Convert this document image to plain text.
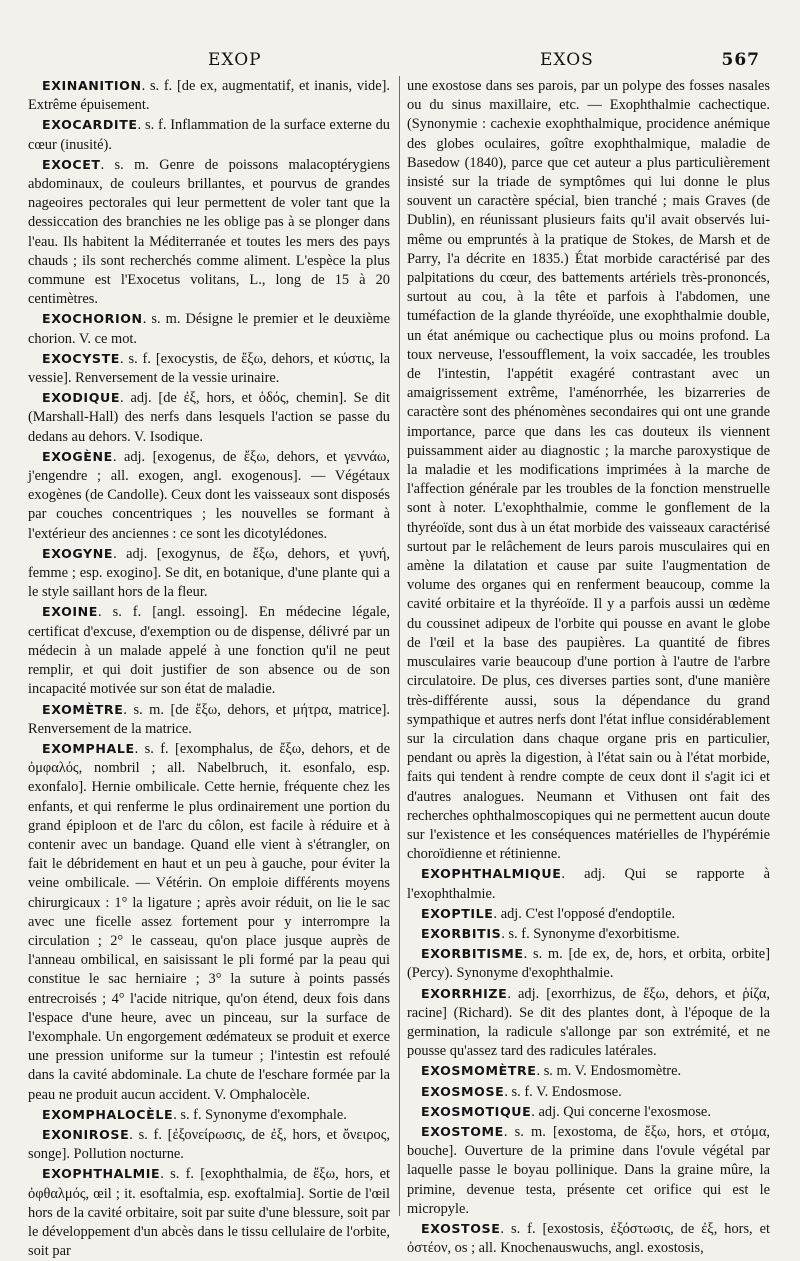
EXOP	EXOS	567

EXINANITION. s. f. [de ex, augmentatif, et inanis, vide]. Extrême épuisement.

EXOCARDITE. s. f. Inflammation de la surface externe du cœur (inusité).

EXOCET. s. m. Genre de poissons malacoptérygiens abdominaux, de couleurs brillantes, et pourvus de grandes nageoires pectorales qui leur permettent de voler tant que la dessiccation des branchies ne les oblige pas à se plonger dans l'eau. Ils habitent la Méditerranée et toutes les mers des pays chauds ; ils sont recherchés comme aliment. L'espèce la plus commune est l'Exocetus volitans, L., long de 15 à 20 centimètres.

EXOCHORION. s. m. Désigne le premier et le deuxième chorion. V. ce mot.

EXOCYSTE. s. f. [exocystis, de ἔξω, dehors, et κύστις, la vessie]. Renversement de la vessie urinaire.

EXODIQUE. adj. [de ἐξ, hors, et ὁδός, chemin]. Se dit (Marshall-Hall) des nerfs dans lesquels l'action se passe du dedans au dehors. V. Isodique.

EXOGÈNE. adj. [exogenus, de ἔξω, dehors, et γεννάω, j'engendre ; all. exogen, angl. exogenous]. — Végétaux exogènes (de Candolle). Ceux dont les vaisseaux sont disposés par couches concentriques ; les nouvelles se formant à l'extérieur des anciennes : ce sont les dicotylédones.

EXOGYNE. adj. [exogynus, de ἔξω, dehors, et γυνή, femme ; esp. exogino]. Se dit, en botanique, d'une plante qui a le style saillant hors de la fleur.

EXOINE. s. f. [angl. essoing]. En médecine légale, certificat d'excuse, d'exemption ou de dispense, délivré par un médecin à un malade appelé à une fonction qu'il ne peut remplir, et qui doit justifier de son absence ou de son incapacité motivée sur son état de maladie.

EXOMÈTRE. s. m. [de ἔξω, dehors, et μήτρα, matrice]. Renversement de la matrice.

EXOMPHALE. s. f. [exomphalus, de ἔξω, dehors, et de ὀμφαλός, nombril ; all. Nabelbruch, it. esonfalo, esp. exonfalo]. Hernie ombilicale. Cette hernie, fréquente chez les enfants, et qui renferme le plus ordinairement une portion du grand épiploon et de l'arc du côlon, est facile à réduire et à contenir avec un bandage. Quand elle vient à s'étrangler, on fait le débridement en haut et un peu à gauche, pour éviter la veine ombilicale. — Vétérin. On emploie différents moyens chirurgicaux : 1° la ligature ; après avoir réduit, on lie le sac avec une ficelle assez fortement pour y interrompre la circulation ; 2° le casseau, qu'on place jusque auprès de l'anneau ombilical, en saisissant le pli formé par la peau qui constitue le sac herniaire ; 3° la suture à points passés entrecroisés ; 4° l'acide nitrique, qu'on étend, deux fois dans l'espace d'une heure, avec un pinceau, sur la surface de l'exomphale. Un engorgement œdémateux se produit et exerce une pression uniforme sur la tumeur ; l'intestin est refoulé dans la cavité abdominale. La chute de l'eschare formée par la peau ne produit aucun accident. V. Omphalocèle.

EXOMPHALOCÈLE. s. f. Synonyme d'exomphale.

EXONIROSE. s. f. [ἐξονείρωσις, de ἐξ, hors, et ὄνειρος, songe]. Pollution nocturne.

EXOPHTHALMIE. s. f. [exophthalmia, de ἔξω, hors, et ὀφθαλμός, œil ; it. esoftalmia, esp. exoftalmia]. Sortie de l'œil hors de la cavité orbitaire, soit par suite d'une blessure, soit par le développement d'un abcès dans le tissu cellulaire de l'orbite, soit par

une exostose dans ses parois, par un polype des fosses nasales ou du sinus maxillaire, etc. — Exophthalmie cachectique. (Synonymie : cachexie exophthalmique, procidence anémique des globes oculaires, goître exophthalmique, maladie de Basedow (1840), parce que cet auteur a plus particulièrement insisté sur la triade de symptômes qui lui donne le plus souvent un caractère spécial, bien tranché ; mais Graves (de Dublin), en réunissant plusieurs faits qu'il avait observés lui-même ou empruntés à la pratique de Stokes, de Marsh et de Parry, l'a décrite en 1835.) État morbide caractérisé par des palpitations du cœur, des battements artériels très-prononcés, surtout au cou, à la tête et parfois à l'abdomen, une tuméfaction de la glande thyréoïde, une exophthalmie double, un état anémique ou cachectique plus ou moins profond. La toux nerveuse, l'essoufflement, la voix saccadée, les troubles de l'intestin, l'appétit exagéré contrastant avec un amaigrissement extrême, l'aménorrhée, les bizarreries de caractère sont des phénomènes secondaires qui ont une grande importance, parce que dans les cas douteux ils viennent puissamment aider au diagnostic ; la marche paroxystique de la maladie et les modifications imprimées à la marche de l'affection générale par les troubles de la fonction menstruelle sont à noter. L'exophthalmie, comme le gonflement de la thyréoïde, sont dus à un état morbide des vaisseaux caractérisé surtout par le relâchement de leurs parois musculaires qui en amène la dilatation et cause par suite l'augmentation de volume des organes qui en renferment beaucoup, comme la cavité orbitaire et la thyréoïde. Il y a parfois aussi un œdème du coussinet adipeux de l'orbite qui pousse en avant le globe de l'œil et la base des paupières. La quantité de fibres musculaires varie beaucoup d'une portion à l'autre de l'arbre circulatoire. De plus, ces diverses parties sont, d'une manière très-différente aussi, sous la dépendance du grand sympathique et autres nerfs dont l'état influe considérablement sur la circulation dans chaque organe pris en particulier, pendant ou après la digestion, à l'état sain ou à l'état morbide, faits qui tendent à rendre compte de ceux dont il s'agit ici et d'autres analogues. Neumann et Vithusen ont fait des recherches ophthalmoscopiques qui ne permettent aucun doute sur l'existence et les conséquences matérielles de l'hypérémie choroïdienne et rétinienne.

EXOPHTHALMIQUE. adj. Qui se rapporte à l'exophthalmie.

EXOPTILE. adj. C'est l'opposé d'endoptile.

EXORBITIS. s. f. Synonyme d'exorbitisme.

EXORBITISME. s. m. [de ex, de, hors, et orbita, orbite] (Percy). Synonyme d'exophthalmie.

EXORRHIZE. adj. [exorrhizus, de ἔξω, dehors, et ῥίζα, racine] (Richard). Se dit des plantes dont, à l'époque de la germination, la radicule s'allonge par son extrémité, et ne pousse qu'assez tard des radicules latérales.

EXOSMOMÈTRE. s. m. V. Endosmomètre.

EXOSMOSE. s. f. V. Endosmose.

EXOSMOTIQUE. adj. Qui concerne l'exosmose.

EXOSTOME. s. m. [exostoma, de ἔξω, hors, et στόμα, bouche]. Ouverture de la primine dans l'ovule végétal par laquelle passe le boyau pollinique. Dans la graine mûre, la primine, devenue testa, présente cet orifice qui est le micropyle.

EXOSTOSE. s. f. [exostosis, ἐξόστωσις, de ἐξ, hors, et ὀστέον, os ; all. Knochenauswuchs, angl. exostosis,
